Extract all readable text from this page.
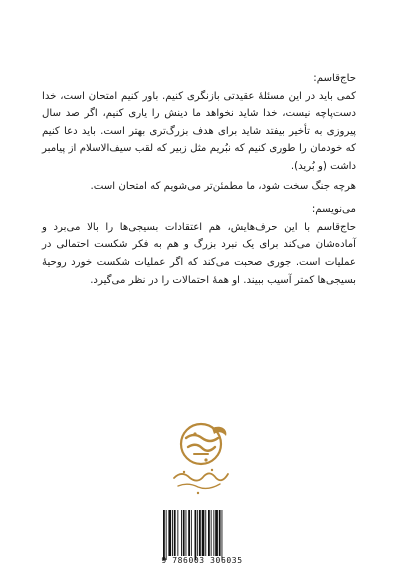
حاج‌قاسم:

کمی باید در این مسئلهٔ عقیدتی بازنگری کنیم. باور کنیم امتحان است، خدا دست‌پاچه نیست، خدا شاید نخواهد ما دینش را یاری کنیم، اگر صد سال پیروزی به تأخیر بیفتد شاید برای هدف بزرگ‌تری بهتر است. باید دعا کنیم که خودمان را طوری کنیم که نبُریم مثل زبیر که لقب سیف‌الاسلام از پیامبر داشت (و بُرید).

هرچه جنگ سخت شود، ما مطمئن‌تر می‌شویم که امتحان است.

می‌نویسم:

حاج‌قاسم با این حرف‌هایش، هم اعتقادات بسیجی‌ها را بالا می‌برد و آماده‌شان می‌کند برای یک نبرد بزرگ و هم به فکر شکست احتمالی در عملیات است. جوری صحبت می‌کند که اگر عملیات شکست خورد روحیهٔ بسیجی‌ها کمتر آسیب ببیند. او همهٔ احتمالات را در نظر می‌گیرد.

9 786003 306035
